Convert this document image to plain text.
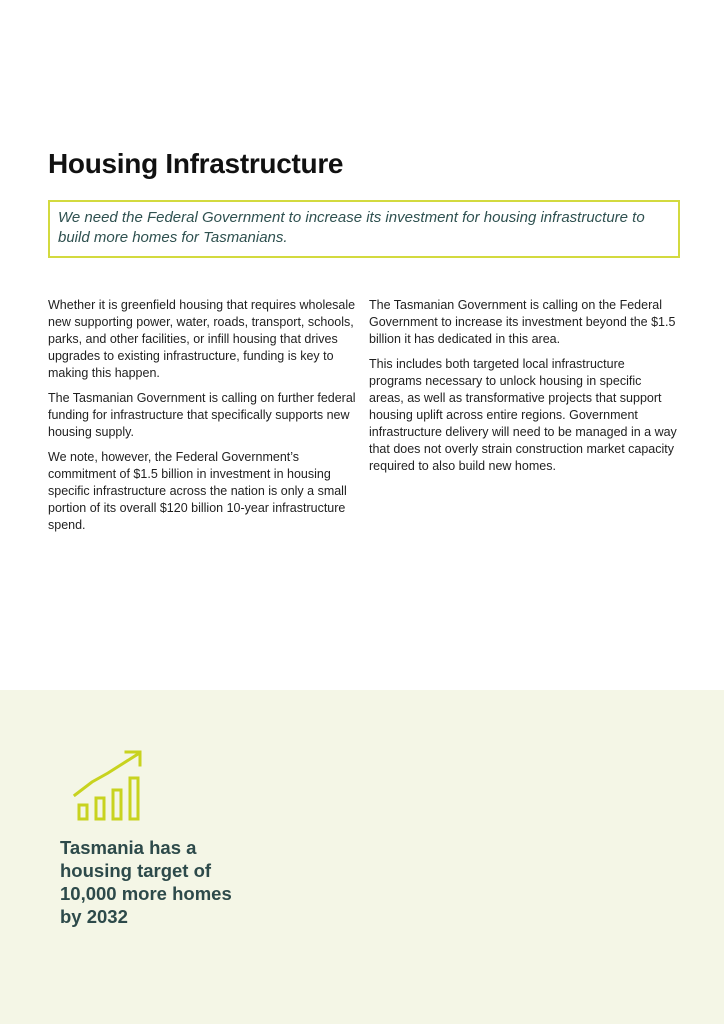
Housing Infrastructure

We need the Federal Government to increase its investment for housing infrastructure to build more homes for Tasmanians.

Whether it is greenfield housing that requires wholesale new supporting power, water, roads, transport, schools, parks, and other facilities, or infill housing that drives upgrades to existing infrastructure, funding is key to making this happen.

The Tasmanian Government is calling on further federal funding for infrastructure that specifically supports new housing supply.

We note, however, the Federal Government’s commitment of $1.5 billion in investment in housing specific infrastructure across the nation is only a small portion of its overall $120 billion 10-year infrastructure spend.

The Tasmanian Government is calling on the Federal Government to increase its investment beyond the $1.5 billion it has dedicated in this area.

This includes both targeted local infrastructure programs necessary to unlock housing in specific areas, as well as transformative projects that support housing uplift across entire regions. Government infrastructure delivery will need to be managed in a way that does not overly strain construction market capacity required to also build new homes.

Tasmania has a
housing target of
10,000 more homes
by 2032
